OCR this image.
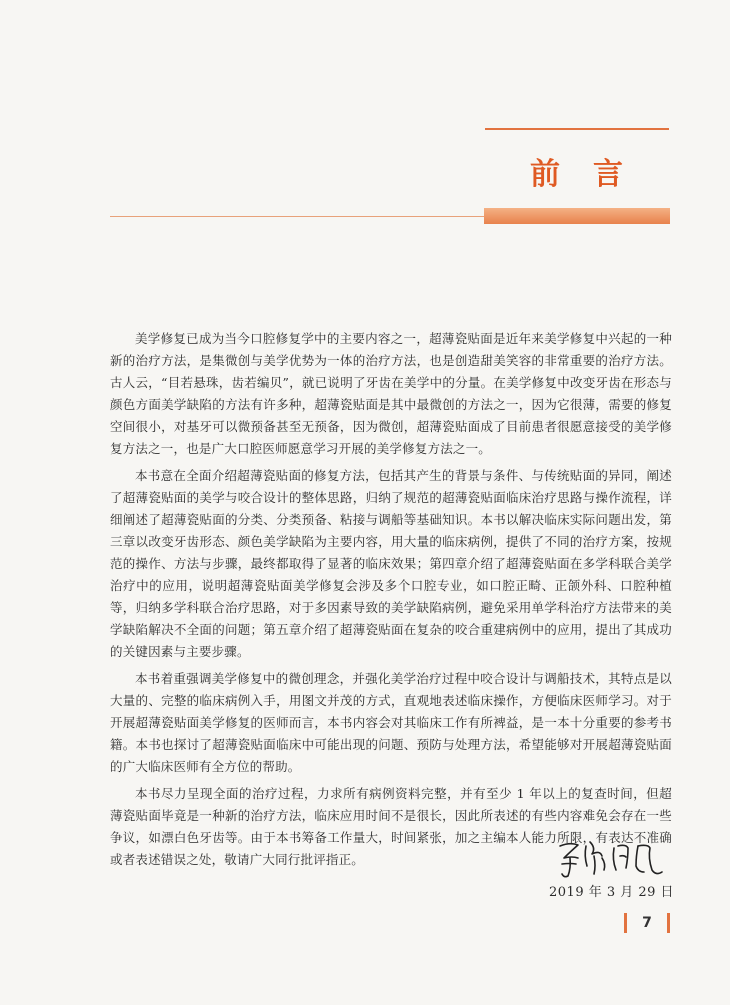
前 言

美学修复已成为当今口腔修复学中的主要内容之一，超薄瓷贴面是近年来美学修复中兴起的一种新的治疗方法，是集微创与美学优势为一体的治疗方法，也是创造甜美笑容的非常重要的治疗方法。古人云，“目若悬珠，齿若编贝”，就已说明了牙齿在美学中的分量。在美学修复中改变牙齿在形态与颜色方面美学缺陷的方法有许多种，超薄瓷贴面是其中最微创的方法之一，因为它很薄，需要的修复空间很小，对基牙可以微预备甚至无预备，因为微创，超薄瓷贴面成了目前患者很愿意接受的美学修复方法之一，也是广大口腔医师愿意学习开展的美学修复方法之一。

本书意在全面介绍超薄瓷贴面的修复方法，包括其产生的背景与条件、与传统贴面的异同，阐述了超薄瓷贴面的美学与咬合设计的整体思路，归纳了规范的超薄瓷贴面临床治疗思路与操作流程，详细阐述了超薄瓷贴面的分类、分类预备、粘接与调船等基础知识。本书以解决临床实际问题出发，第三章以改变牙齿形态、颜色美学缺陷为主要内容，用大量的临床病例，提供了不同的治疗方案，按规范的操作、方法与步骤，最终都取得了显著的临床效果；第四章介绍了超薄瓷贴面在多学科联合美学治疗中的应用，说明超薄瓷贴面美学修复会涉及多个口腔专业，如口腔正畸、正颌外科、口腔种植等，归纳多学科联合治疗思路，对于多因素导致的美学缺陷病例，避免采用单学科治疗方法带来的美学缺陷解决不全面的问题；第五章介绍了超薄瓷贴面在复杂的咬合重建病例中的应用，提出了其成功的关键因素与主要步骤。

本书着重强调美学修复中的微创理念，并强化美学治疗过程中咬合设计与调船技术，其特点是以大量的、完整的临床病例入手，用图文并茂的方式，直观地表述临床操作，方便临床医师学习。对于开展超薄瓷贴面美学修复的医师而言，本书内容会对其临床工作有所裨益，是一本十分重要的参考书籍。本书也探讨了超薄瓷贴面临床中可能出现的问题、预防与处理方法，希望能够对开展超薄瓷贴面的广大临床医师有全方位的帮助。

本书尽力呈现全面的治疗过程，力求所有病例资料完整，并有至少 1 年以上的复查时间，但超薄瓷贴面毕竟是一种新的治疗方法，临床应用时间不是很长，因此所表述的有些内容难免会存在一些争议，如漂白色牙齿等。由于本书筹备工作量大，时间紧张，加之主编本人能力所限，有表达不准确或者表述错误之处，敬请广大同行批评指正。

2019 年 3 月 29 日
7
